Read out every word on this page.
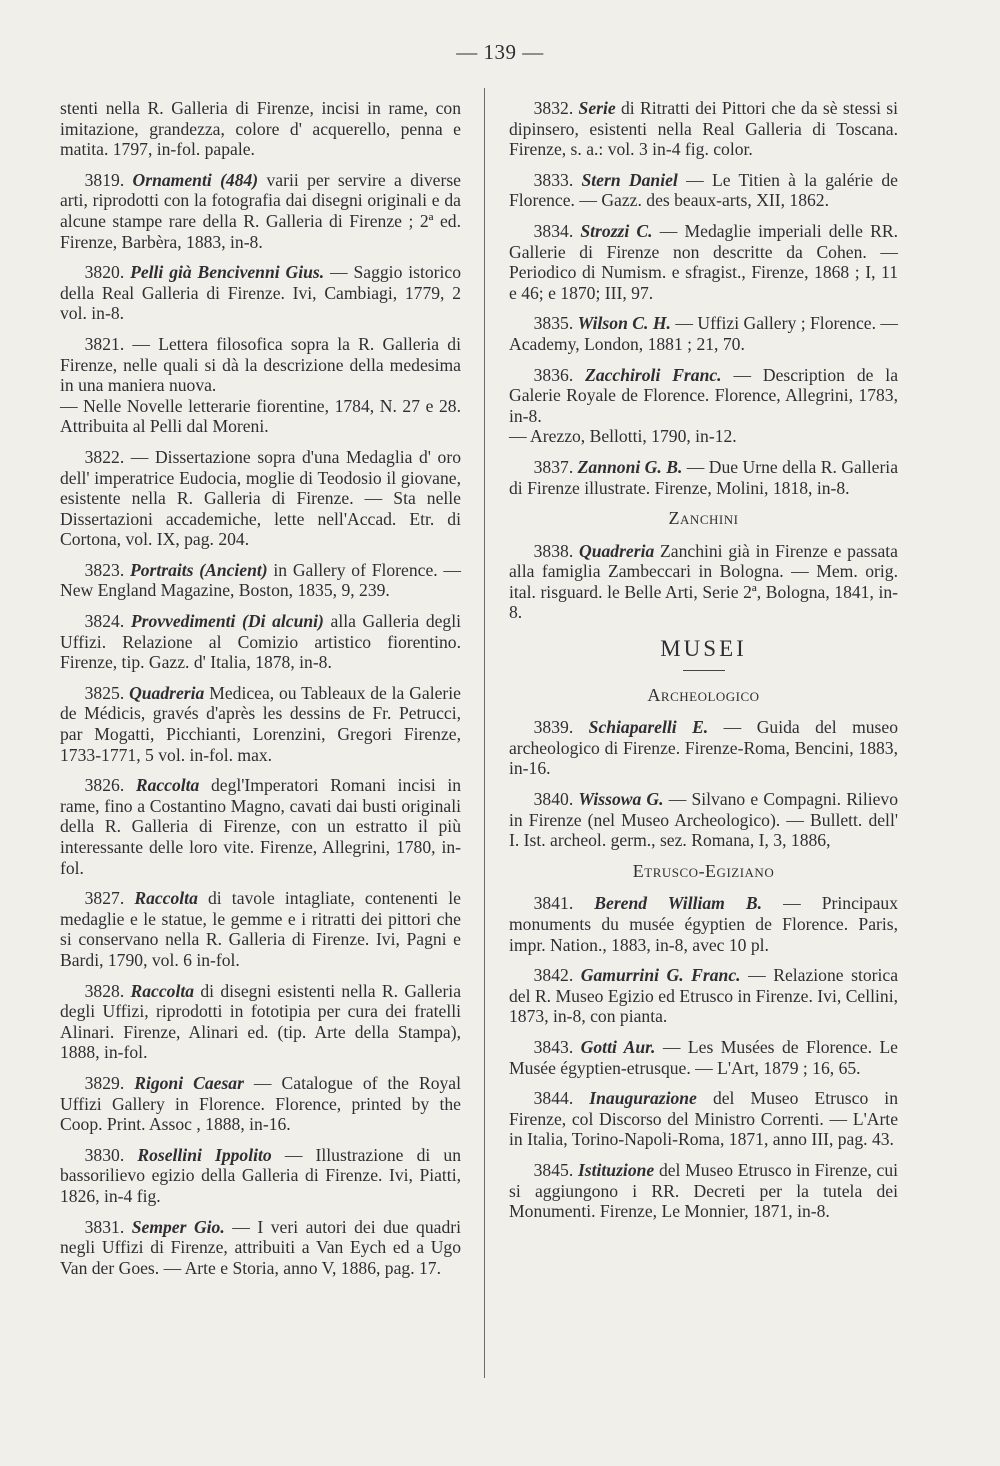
— 139 —

stenti nella R. Galleria di Firenze, incisi in rame, con imitazione, grandezza, colore d' acquerello, penna e matita. 1797, in-fol. papale.

3819. Ornamenti (484) varii per servire a diverse arti, riprodotti con la fotografia dai disegni originali e da alcune stampe rare della R. Galleria di Firenze ; 2ª ed. Firenze, Barbèra, 1883, in-8.

3820. Pelli già Bencivenni Gius. — Saggio istorico della Real Galleria di Firenze. Ivi, Cambiagi, 1779, 2 vol. in-8.

3821. — Lettera filosofica sopra la R. Galleria di Firenze, nelle quali si dà la descrizione della medesima in una maniera nuova.

— Nelle Novelle letterarie fiorentine, 1784, N. 27 e 28. Attribuita al Pelli dal Moreni.

3822. — Dissertazione sopra d'una Medaglia d' oro dell' imperatrice Eudocia, moglie di Teodosio il giovane, esistente nella R. Galleria di Firenze. — Sta nelle Dissertazioni accademiche, lette nell'Accad. Etr. di Cortona, vol. IX, pag. 204.

3823. Portraits (Ancient) in Gallery of Florence. — New England Magazine, Boston, 1835, 9, 239.

3824. Provvedimenti (Di alcuni) alla Galleria degli Uffizi. Relazione al Comizio artistico fiorentino. Firenze, tip. Gazz. d' Italia, 1878, in-8.

3825. Quadreria Medicea, ou Tableaux de la Galerie de Médicis, gravés d'après les dessins de Fr. Petrucci, par Mogatti, Picchianti, Lorenzini, Gregori Firenze, 1733-1771, 5 vol. in-fol. max.

3826. Raccolta degl'Imperatori Romani incisi in rame, fino a Costantino Magno, cavati dai busti originali della R. Galleria di Firenze, con un estratto il più interessante delle loro vite. Firenze, Allegrini, 1780, in-fol.

3827. Raccolta di tavole intagliate, contenenti le medaglie e le statue, le gemme e i ritratti dei pittori che si conservano nella R. Galleria di Firenze. Ivi, Pagni e Bardi, 1790, vol. 6 in-fol.

3828. Raccolta di disegni esistenti nella R. Galleria degli Uffizi, riprodotti in fototipia per cura dei fratelli Alinari. Firenze, Alinari ed. (tip. Arte della Stampa), 1888, in-fol.

3829. Rigoni Caesar — Catalogue of the Royal Uffizi Gallery in Florence. Florence, printed by the Coop. Print. Assoc , 1888, in-16.

3830. Rosellini Ippolito — Illustrazione di un bassorilievo egizio della Galleria di Firenze. Ivi, Piatti, 1826, in-4 fig.

3831. Semper Gio. — I veri autori dei due quadri negli Uffizi di Firenze, attribuiti a Van Eych ed a Ugo Van der Goes. — Arte e Storia, anno V, 1886, pag. 17.

3832. Serie di Ritratti dei Pittori che da sè stessi si dipinsero, esistenti nella Real Galleria di Toscana. Firenze, s. a.: vol. 3 in-4 fig. color.

3833. Stern Daniel — Le Titien à la galérie de Florence. — Gazz. des beaux-arts, XII, 1862.

3834. Strozzi C. — Medaglie imperiali delle RR. Gallerie di Firenze non descritte da Cohen. — Periodico di Numism. e sfragist., Firenze, 1868 ; I, 11 e 46; e 1870; III, 97.

3835. Wilson C. H. — Uffizi Gallery ; Florence. — Academy, London, 1881 ; 21, 70.

3836. Zacchiroli Franc. — Description de la Galerie Royale de Florence. Florence, Allegrini, 1783, in-8.

— Arezzo, Bellotti, 1790, in-12.

3837. Zannoni G. B. — Due Urne della R. Galleria di Firenze illustrate. Firenze, Molini, 1818, in-8.

Zanchini

3838. Quadreria Zanchini già in Firenze e passata alla famiglia Zambeccari in Bologna. — Mem. orig. ital. risguard. le Belle Arti, Serie 2ª, Bologna, 1841, in-8.

MUSEI
Archeologico

3839. Schiaparelli E. — Guida del museo archeologico di Firenze. Firenze-Roma, Bencini, 1883, in-16.

3840. Wissowa G. — Silvano e Compagni. Rilievo in Firenze (nel Museo Archeologico). — Bullett. dell' I. Ist. archeol. germ., sez. Romana, I, 3, 1886,

Etrusco-Egiziano

3841. Berend William B. — Principaux monuments du musée égyptien de Florence. Paris, impr. Nation., 1883, in-8, avec 10 pl.

3842. Gamurrini G. Franc. — Relazione storica del R. Museo Egizio ed Etrusco in Firenze. Ivi, Cellini, 1873, in-8, con pianta.

3843. Gotti Aur. — Les Musées de Florence. Le Musée égyptien-etrusque. — L'Art, 1879 ; 16, 65.

3844. Inaugurazione del Museo Etrusco in Firenze, col Discorso del Ministro Correnti. — L'Arte in Italia, Torino-Napoli-Roma, 1871, anno III, pag. 43.

3845. Istituzione del Museo Etrusco in Firenze, cui si aggiungono i RR. Decreti per la tutela dei Monumenti. Firenze, Le Monnier, 1871, in-8.
